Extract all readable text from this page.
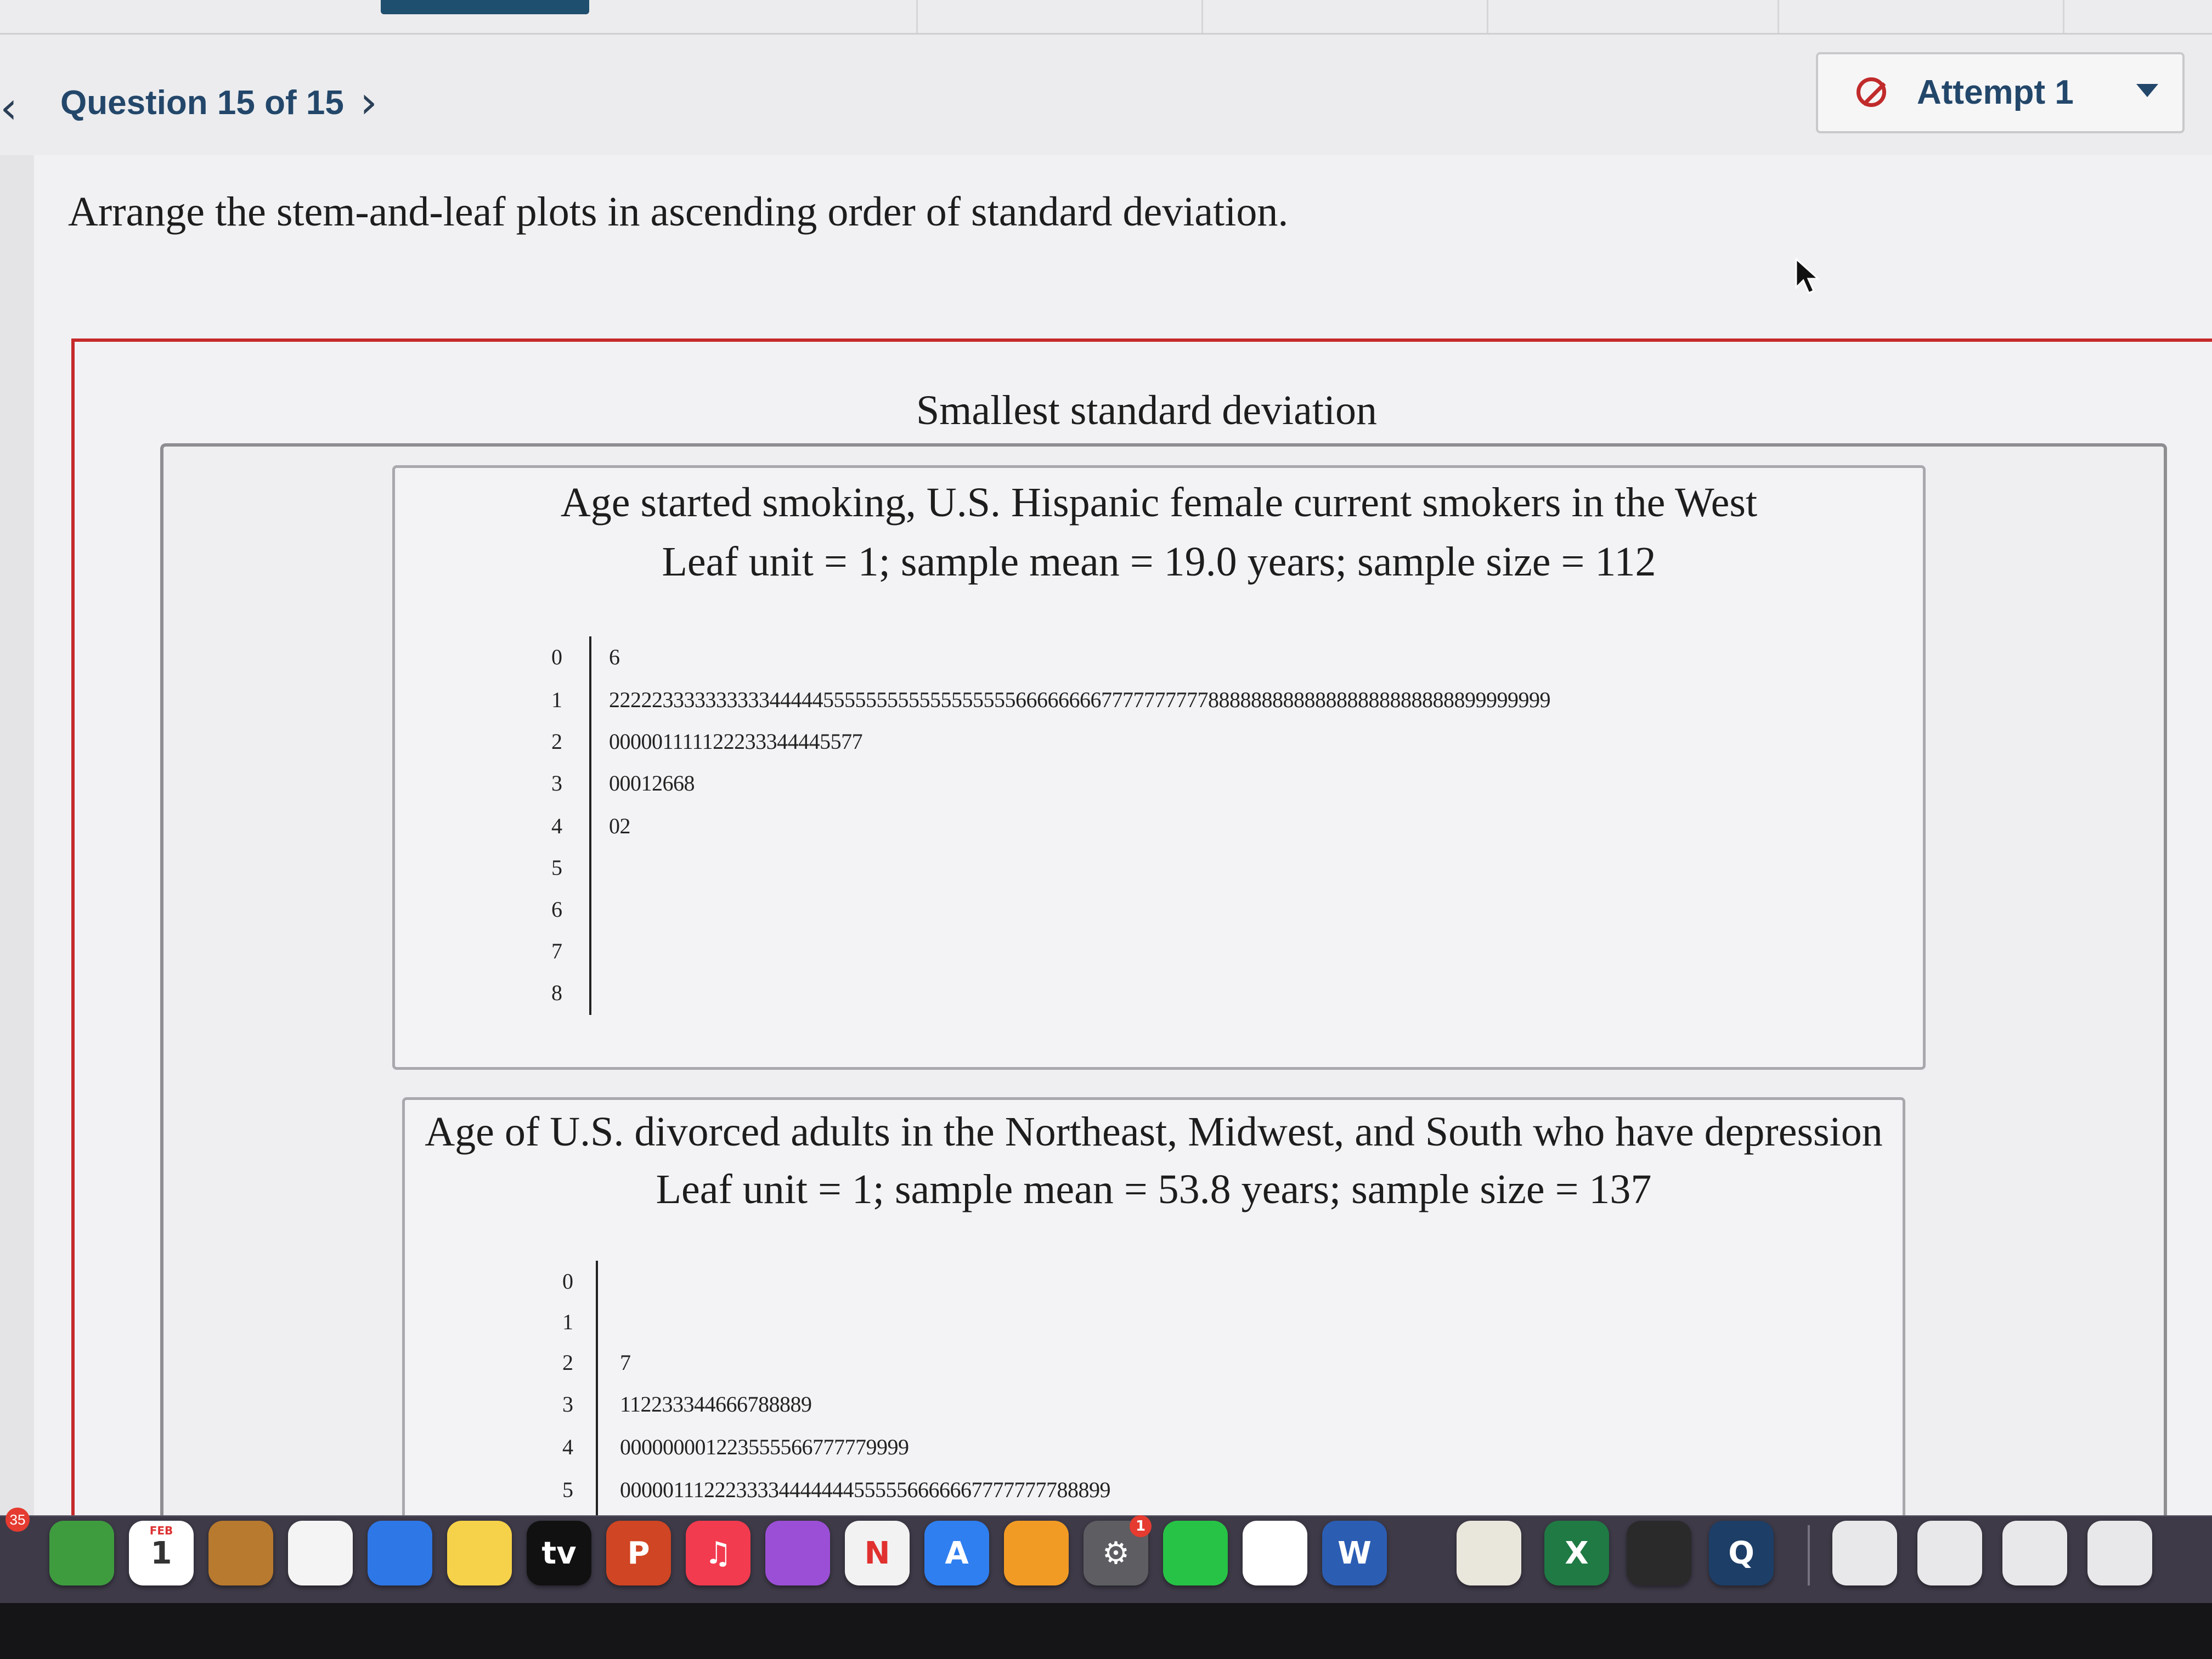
‹ Question 15 of 15 ›	Attempt 1
Arrange the stem-and-leaf plots in ascending order of standard deviation.
Smallest standard deviation
Age started smoking, U.S. Hispanic female current smokers in the West
Leaf unit = 1; sample mean = 19.0 years; sample size = 112
0 6
1 2222233333333334444455555555555555555566666666777777777788888888888888888888888899999999
2 000001111122233344445577
3 00012668
4 02
5
6
7
8
Age of U.S. divorced adults in the Northeast, Midwest, and South who have depression
Leaf unit = 1; sample mean = 53.8 years; sample size = 137
0
1
2 7
3 112233344666788889
4 000000001223555566777779999
5 0000011122233334444444555556666667777777788899
FEB
1	tv P ♫	N A	⚙
1
W	X	Q
35
